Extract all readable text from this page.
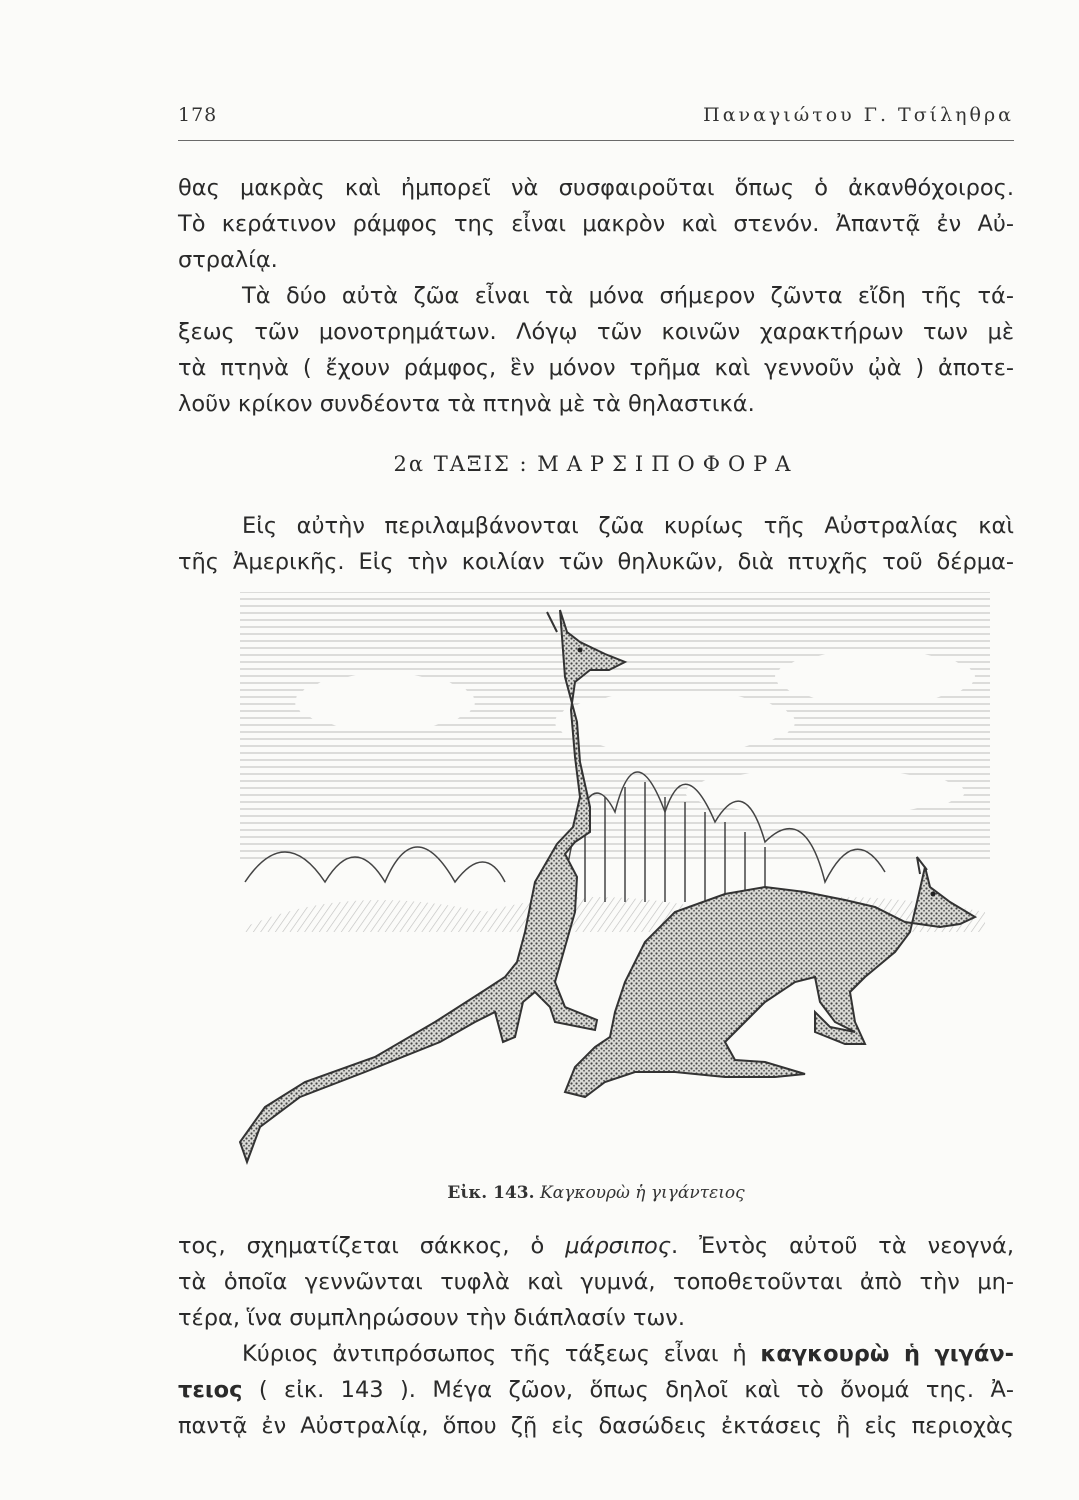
178	Παναγιώτου Γ. Τσίληθρα
θας μακρὰς καὶ ἠμπορεῖ νὰ συσφαιροῦται ὅπως ὁ ἀκανθόχοιρος.
Τὸ κεράτινον ράμφος της εἶναι μακρὸν καὶ στενόν. Ἀπαντᾷ ἐν Αὐ-
στραλίᾳ.
Τὰ δύο αὐτὰ ζῶα εἶναι τὰ μόνα σήμερον ζῶντα εἴδη τῆς τά-
ξεως τῶν μονοτρημάτων. Λόγῳ τῶν κοινῶν χαρακτήρων των μὲ
τὰ πτηνὰ ( ἔχουν ράμφος, ἓν μόνον τρῆμα καὶ γεννοῦν ᾠὰ ) ἀποτε-
λοῦν κρίκον συνδέοντα τὰ πτηνὰ μὲ τὰ θηλαστικά.
2α ΤΑΞΙΣ : ΜΑΡΣΙΠΟΦΟΡΑ
Εἰς αὐτὴν περιλαμβάνονται ζῶα κυρίως τῆς Αὐστραλίας καὶ
τῆς Ἀμερικῆς. Εἰς τὴν κοιλίαν τῶν θηλυκῶν, διὰ πτυχῆς τοῦ δέρμα-
Εἰκ. 143. Καγκουρὼ ἡ γιγάντειος
τος, σχηματίζεται σάκκος, ὁ μάρσιπος. Ἐντὸς αὐτοῦ τὰ νεογνά,
τὰ ὁποῖα γεννῶνται τυφλὰ καὶ γυμνά, τοποθετοῦνται ἀπὸ τὴν μη-
τέρα, ἵνα συμπληρώσουν τὴν διάπλασίν των.
Κύριος ἀντιπρόσωπος τῆς τάξεως εἶναι ἡ καγκουρὼ ἡ γιγάν-
τειος ( εἰκ. 143 ). Μέγα ζῶον, ὅπως δηλοῖ καὶ τὸ ὄνομά της. Ἀ-
παντᾷ ἐν Αὐστραλίᾳ, ὅπου ζῇ εἰς δασώδεις ἐκτάσεις ἢ εἰς περιοχὰς
